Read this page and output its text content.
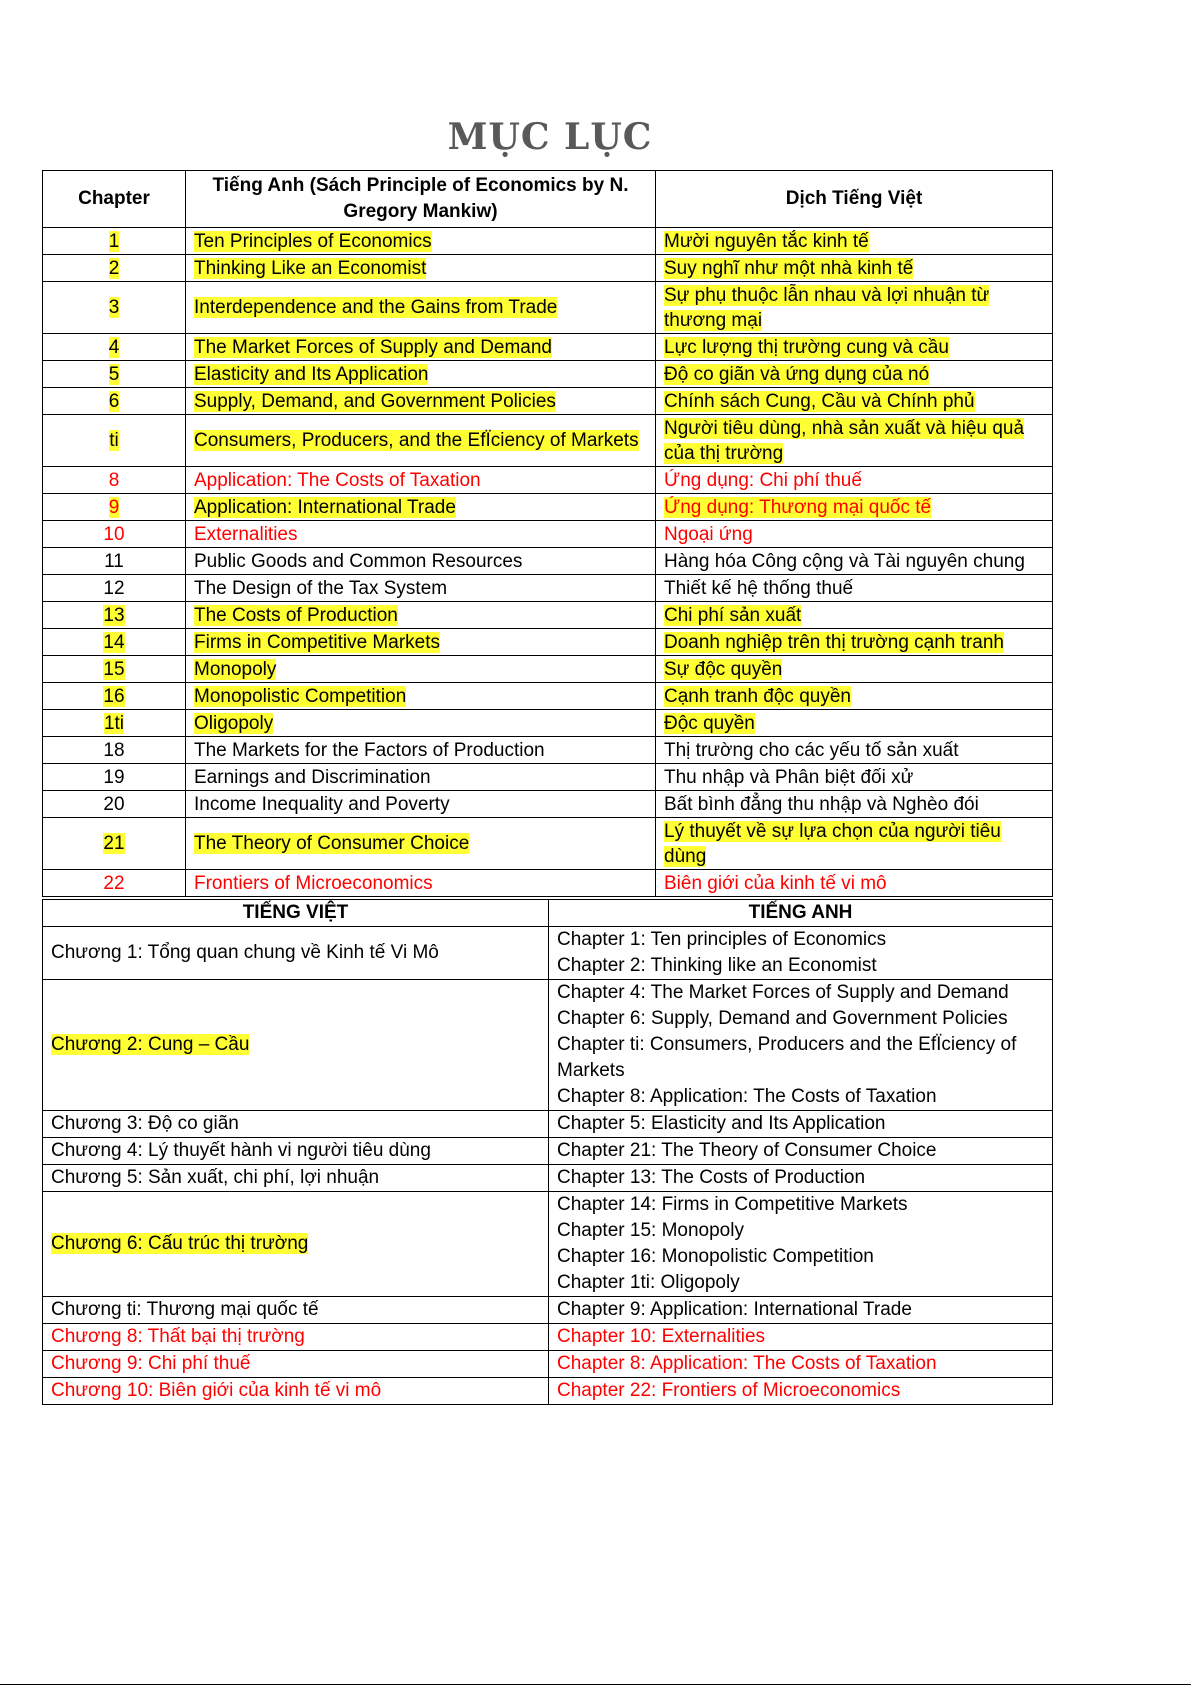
MỤC LỤC
Chapter	Tiếng Anh (Sách Principle of Economics by N. Gregory Mankiw)	Dịch Tiếng Việt
1	Ten Principles of Economics	Mười nguyên tắc kinh tế
2	Thinking Like an Economist	Suy nghĩ như một nhà kinh tế
3	Interdependence and the Gains from Trade	Sự phụ thuộc lẫn nhau và lợi nhuận từ thương mại
4	The Market Forces of Supply and Demand	Lực lượng thị trường cung và cầu
5	Elasticity and Its Application	Độ co giãn và ứng dụng của nó
6	Supply, Demand, and Government Policies	Chính sách Cung, Cầu và Chính phủ
ti	Consumers, Producers, and the EfÏciency of Markets	Người tiêu dùng, nhà sản xuất và hiệu quả của thị trường
8	Application: The Costs of Taxation	Ứng dụng: Chi phí thuế
9	Application: International Trade	Ứng dụng: Thương mại quốc tế
10	Externalities	Ngoại ứng
11	Public Goods and Common Resources	Hàng hóa Công cộng và Tài nguyên chung
12	The Design of the Tax System	Thiết kế hệ thống thuế
13	The Costs of Production	Chi phí sản xuất
14	Firms in Competitive Markets	Doanh nghiệp trên thị trường cạnh tranh
15	Monopoly	Sự độc quyền
16	Monopolistic Competition	Cạnh tranh độc quyền
1ti	Oligopoly	Độc quyền
18	The Markets for the Factors of Production	Thị trường cho các yếu tố sản xuất
19	Earnings and Discrimination	Thu nhập và Phân biệt đối xử
20	Income Inequality and Poverty	Bất bình đẳng thu nhập và Nghèo đói
21	The Theory of Consumer Choice	Lý thuyết về sự lựa chọn của người tiêu dùng
22	Frontiers of Microeconomics	Biên giới của kinh tế vi mô
TIẾNG VIỆT	TIẾNG ANH
Chương 1: Tổng quan chung về Kinh tế Vi Mô	Chapter 1: Ten principles of Economics
Chapter 2: Thinking like an Economist

Chương 2: Cung – Cầu	Chapter 4: The Market Forces of Supply and Demand
Chapter 6: Supply, Demand and Government Policies
Chapter ti: Consumers, Producers and the EfÏciency of Markets
Chapter 8: Application: The Costs of Taxation

Chương 3: Độ co giãn	Chapter 5: Elasticity and Its Application
Chương 4: Lý thuyết hành vi người tiêu dùng	Chapter 21: The Theory of Consumer Choice
Chương 5: Sản xuất, chi phí, lợi nhuận	Chapter 13: The Costs of Production
Chương 6: Cấu trúc thị trường	Chapter 14: Firms in Competitive Markets
Chapter 15: Monopoly
Chapter 16: Monopolistic Competition
Chapter 1ti: Oligopoly

Chương ti: Thương mại quốc tế	Chapter 9: Application: International Trade
Chương 8: Thất bại thị trường	Chapter 10: Externalities
Chương 9: Chi phí thuế	Chapter 8: Application: The Costs of Taxation
Chương 10: Biên giới của kinh tế vi mô	Chapter 22: Frontiers of Microeconomics
